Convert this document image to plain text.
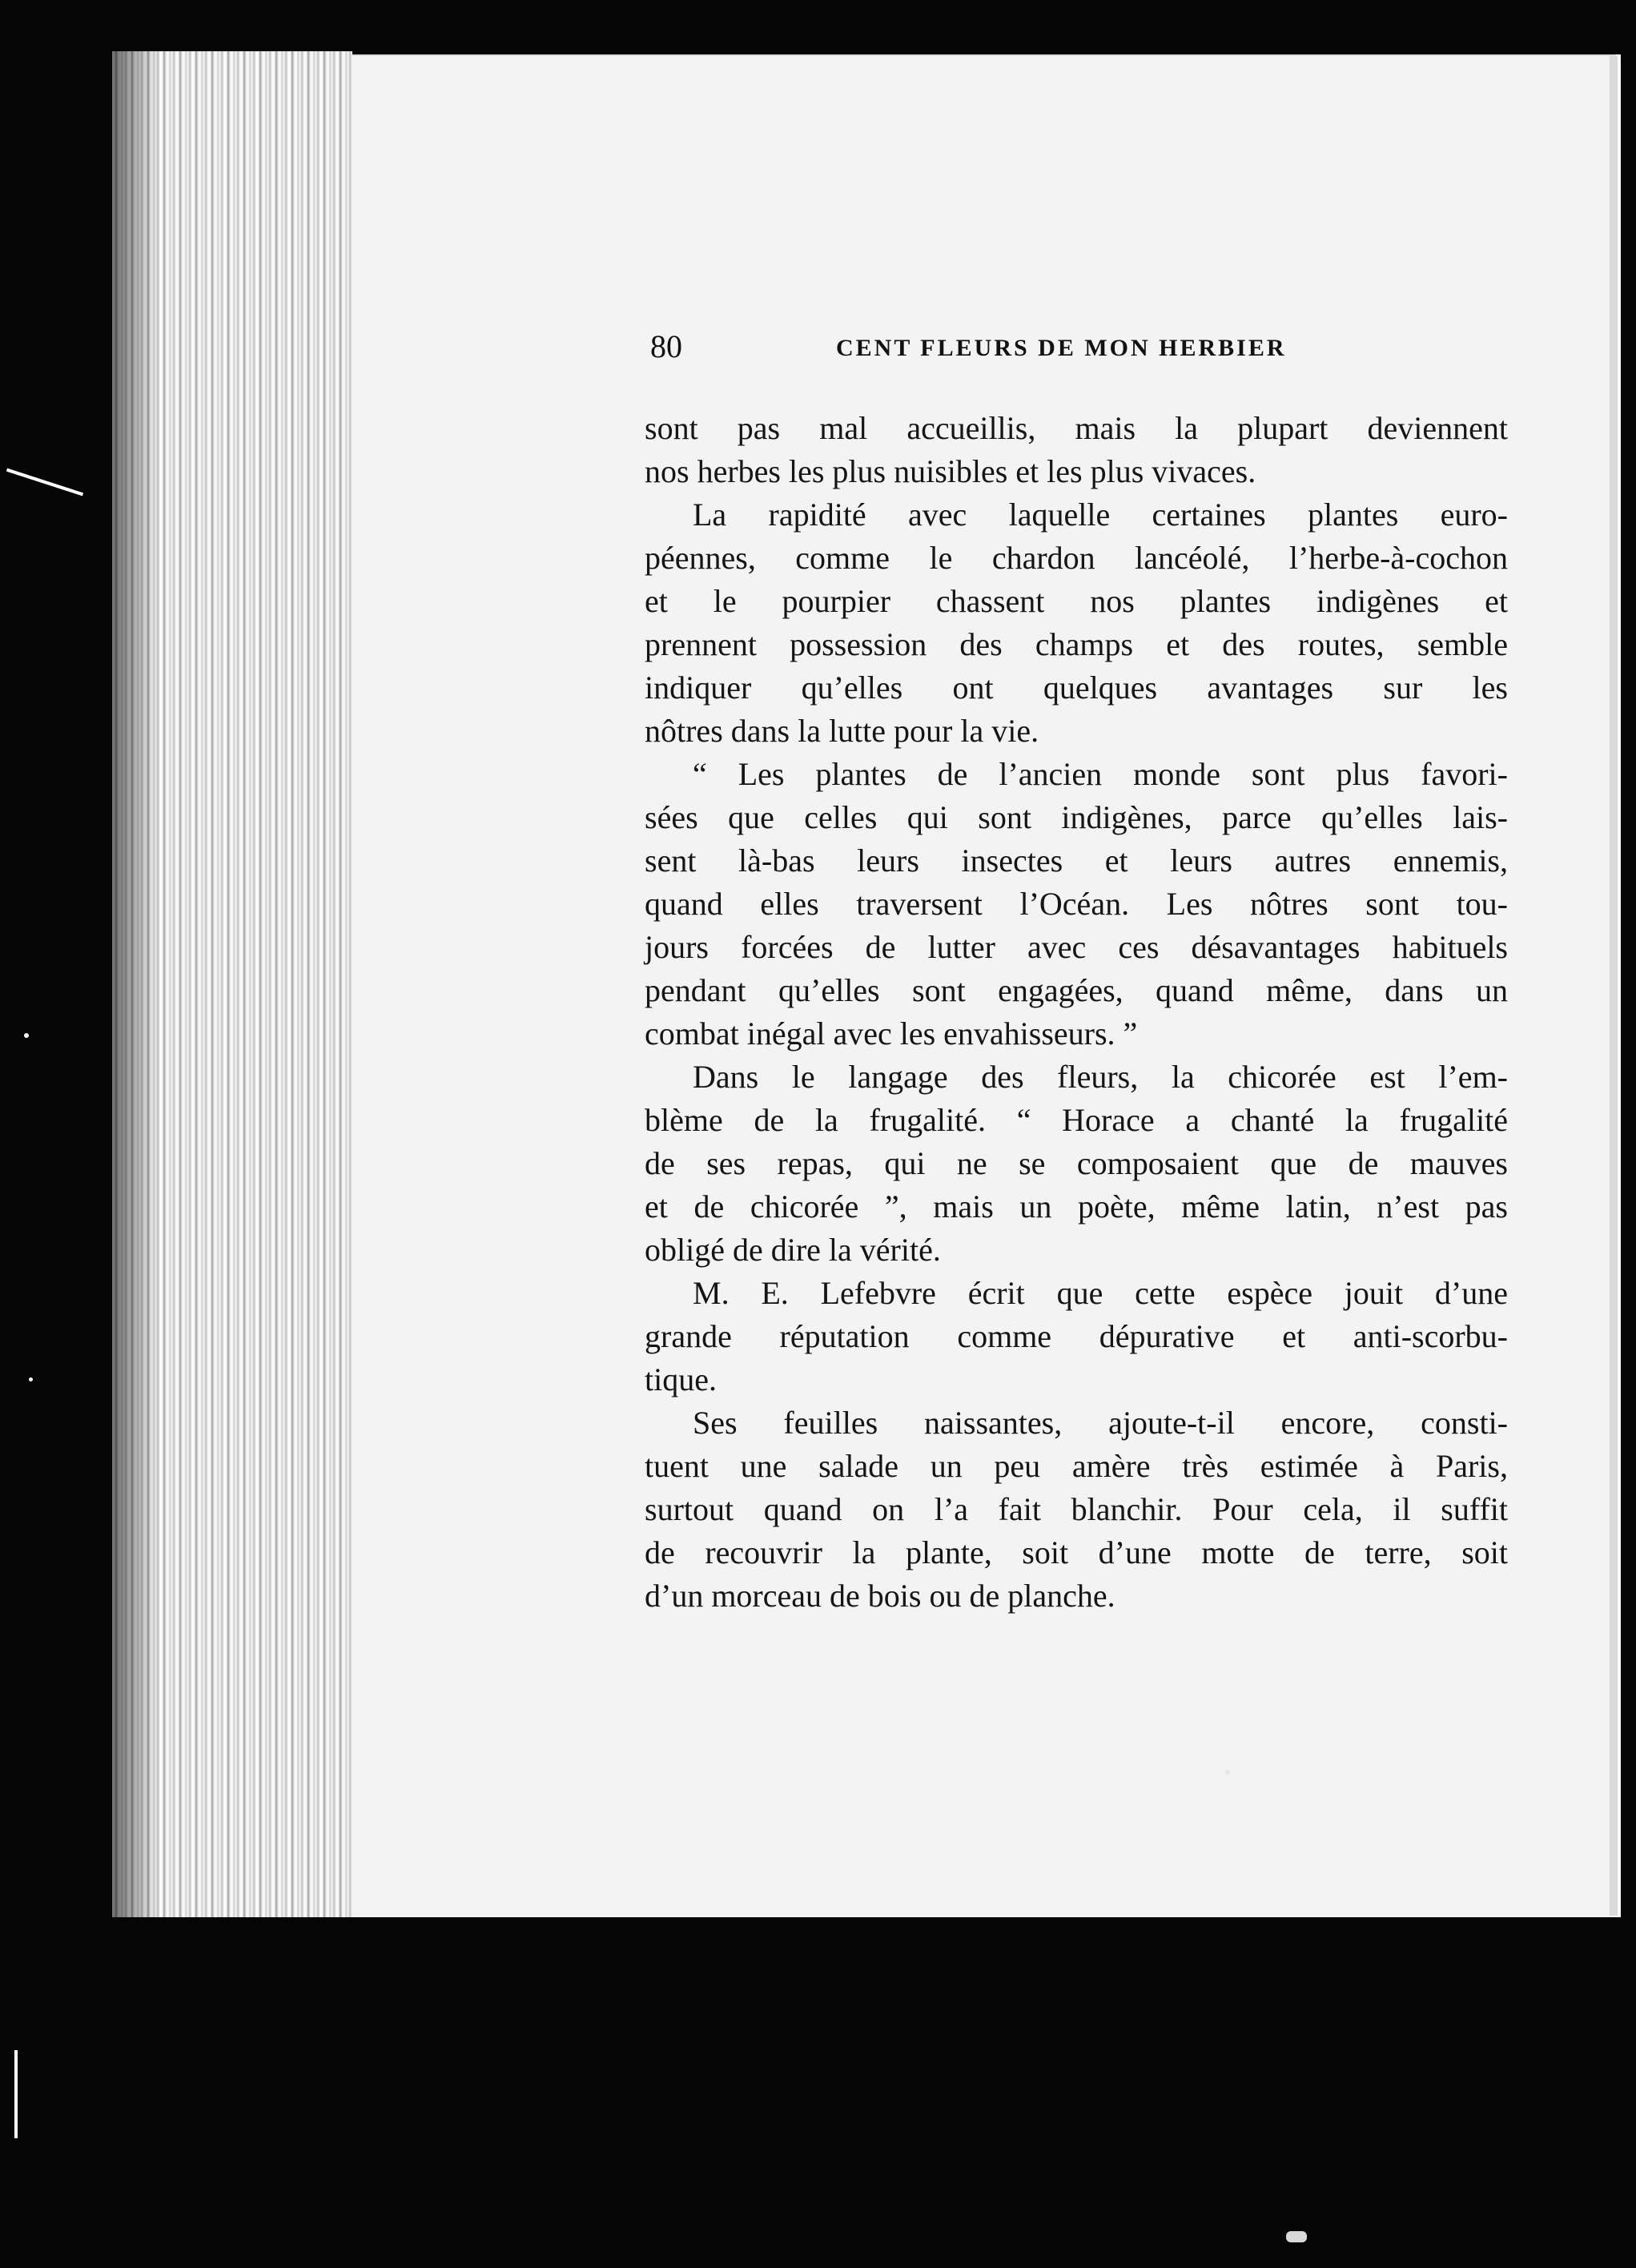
80	CENT FLEURS DE MON HERBIER
sont pas mal accueillis, mais la plupart deviennent
nos herbes les plus nuisibles et les plus vivaces.
La rapidité avec laquelle certaines plantes euro-
péennes, comme le chardon lancéolé, l’herbe-à-cochon
et le pourpier chassent nos plantes indigènes et
prennent possession des champs et des routes, semble
indiquer qu’elles ont quelques avantages sur les
nôtres dans la lutte pour la vie.
“ Les plantes de l’ancien monde sont plus favori-
sées que celles qui sont indigènes, parce qu’elles lais-
sent là-bas leurs insectes et leurs autres ennemis,
quand elles traversent l’Océan. Les nôtres sont tou-
jours forcées de lutter avec ces désavantages habituels
pendant qu’elles sont engagées, quand même, dans un
combat inégal avec les envahisseurs. ”
Dans le langage des fleurs, la chicorée est l’em-
blème de la frugalité. “ Horace a chanté la frugalité
de ses repas, qui ne se composaient que de mauves
et de chicorée ”, mais un poète, même latin, n’est pas
obligé de dire la vérité.
M. E. Lefebvre écrit que cette espèce jouit d’une
grande réputation comme dépurative et anti-scorbu-
tique.
Ses feuilles naissantes, ajoute-t-il encore, consti-
tuent une salade un peu amère très estimée à Paris,
surtout quand on l’a fait blanchir. Pour cela, il suffit
de recouvrir la plante, soit d’une motte de terre, soit
d’un morceau de bois ou de planche.
